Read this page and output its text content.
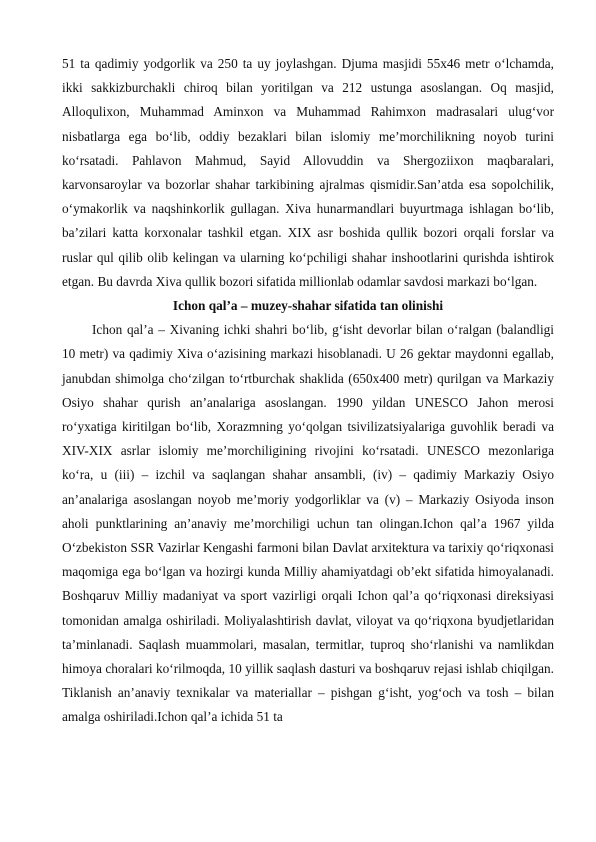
51 ta qadimiy yodgorlik va 250 ta uy joylashgan. Djuma masjidi 55x46 metr o‘lchamda, ikki sakkizburchakli chiroq bilan yoritilgan va 212 ustunga asoslangan. Oq masjid, Alloqulixon, Muhammad Aminxon va Muhammad Rahimxon madrasalari ulug‘vor nisbatlarga ega bo‘lib, oddiy bezaklari bilan islomiy me’morchilikning noyob turini ko‘rsatadi. Pahlavon Mahmud, Sayid Allovuddin va Shergoziixon maqbaralari, karvonsaroylar va bozorlar shahar tarkibining ajralmas qismidir.San’atda esa sopolchilik, o‘ymakorlik va naqshinkorlik gullagan. Xiva hunarmandlari buyurtmaga ishlagan bo‘lib, ba’zilari katta korxonalar tashkil etgan. XIX asr boshida qullik bozori orqali forslar va ruslar qul qilib olib kelingan va ularning ko‘pchiligi shahar inshootlarini qurishda ishtirok etgan. Bu davrda Xiva qullik bozori sifatida millionlab odamlar savdosi markazi bo‘lgan.

Ichon qal’a – muzey-shahar sifatida tan olinishi

Ichon qal’a – Xivaning ichki shahri bo‘lib, g‘isht devorlar bilan o‘ralgan (balandligi 10 metr) va qadimiy Xiva o‘azisining markazi hisoblanadi. U 26 gektar maydonni egallab, janubdan shimolga cho‘zilgan to‘rtburchak shaklida (650x400 metr) qurilgan va Markaziy Osiyo shahar qurish an’analariga asoslangan. 1990 yildan UNESCO Jahon merosi ro‘yxatiga kiritilgan bo‘lib, Xorazmning yo‘qolgan tsivilizatsiyalariga guvohlik beradi va XIV-XIX asrlar islomiy me’morchiligining rivojini ko‘rsatadi. UNESCO mezonlariga ko‘ra, u (iii) – izchil va saqlangan shahar ansambli, (iv) – qadimiy Markaziy Osiyo an’analariga asoslangan noyob me’moriy yodgorliklar va (v) – Markaziy Osiyoda inson aholi punktlarining an’anaviy me’morchiligi uchun tan olingan.Ichon qal’a 1967 yilda O‘zbekiston SSR Vazirlar Kengashi farmoni bilan Davlat arxitektura va tarixiy qo‘riqxonasi maqomiga ega bo‘lgan va hozirgi kunda Milliy ahamiyatdagi ob’ekt sifatida himoyalanadi. Boshqaruv Milliy madaniyat va sport vazirligi orqali Ichon qal’a qo‘riqxonasi direksiyasi tomonidan amalga oshiriladi. Moliyalashtirish davlat, viloyat va qo‘riqxona byudjetlaridan ta’minlanadi. Saqlash muammolari, masalan, termitlar, tuproq sho‘rlanishi va namlikdan himoya choralari ko‘rilmoqda, 10 yillik saqlash dasturi va boshqaruv rejasi ishlab chiqilgan. Tiklanish an’anaviy texnikalar va materiallar – pishgan g‘isht, yog‘och va tosh – bilan amalga oshiriladi.Ichon qal’a ichida 51 ta
